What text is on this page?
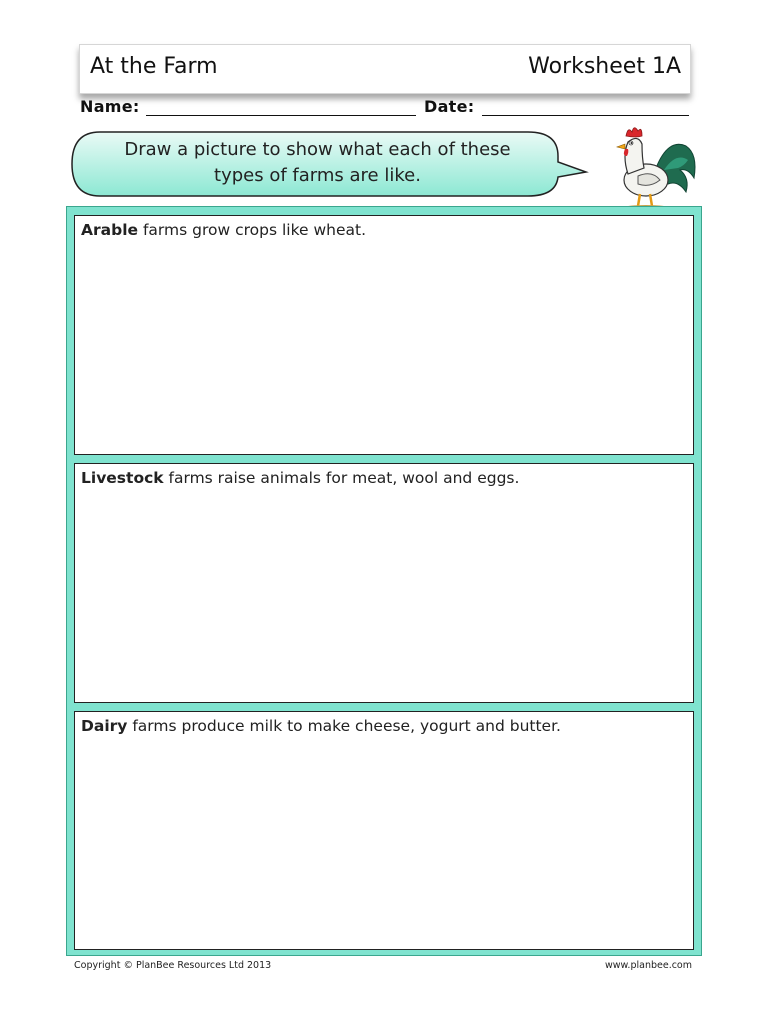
At the Farm	Worksheet 1A
Name:	Date:
Draw a picture to show what each of these
types of farms are like.
Arable farms grow crops like wheat.
Livestock farms raise animals for meat, wool and eggs.
Dairy farms produce milk to make cheese, yogurt and butter.
Copyright © PlanBee Resources Ltd 2013	www.planbee.com
